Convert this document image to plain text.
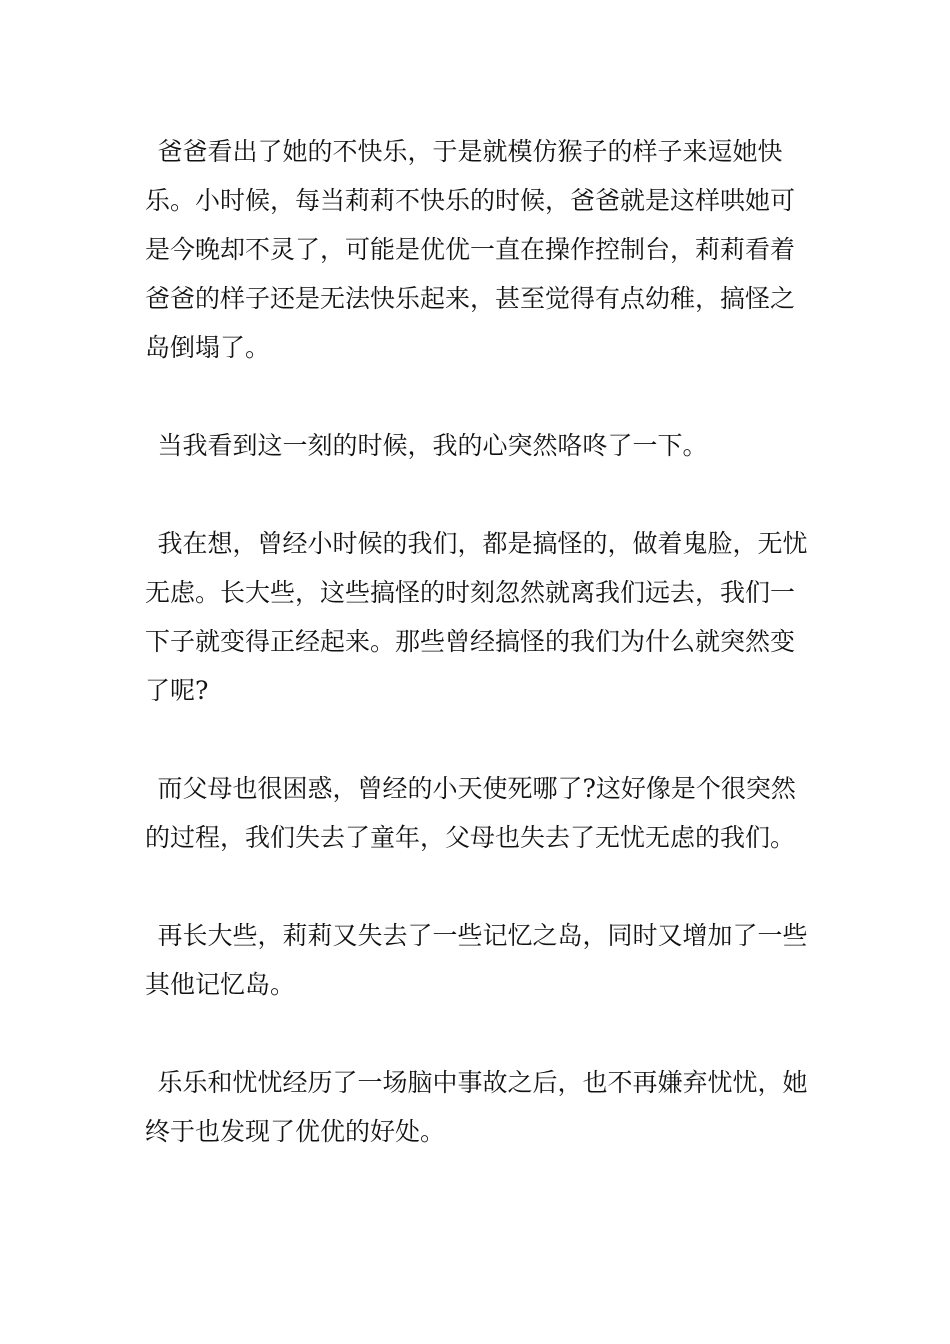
爸爸看出了她的不快乐，于是就模仿猴子的样子来逗她快乐。小时候，每当莉莉不快乐的时候，爸爸就是这样哄她可是今晚却不灵了，可能是优优一直在操作控制台，莉莉看着爸爸的样子还是无法快乐起来，甚至觉得有点幼稚，搞怪之岛倒塌了。

当我看到这一刻的时候，我的心突然咯咚了一下。

我在想，曾经小时候的我们，都是搞怪的，做着鬼脸，无忧无虑。长大些，这些搞怪的时刻忽然就离我们远去，我们一下子就变得正经起来。那些曾经搞怪的我们为什么就突然变了呢?

而父母也很困惑，曾经的小天使死哪了?这好像是个很突然的过程，我们失去了童年，父母也失去了无忧无虑的我们。

再长大些，莉莉又失去了一些记忆之岛，同时又增加了一些其他记忆岛。

乐乐和忧忧经历了一场脑中事故之后，也不再嫌弃忧忧，她终于也发现了优优的好处。
